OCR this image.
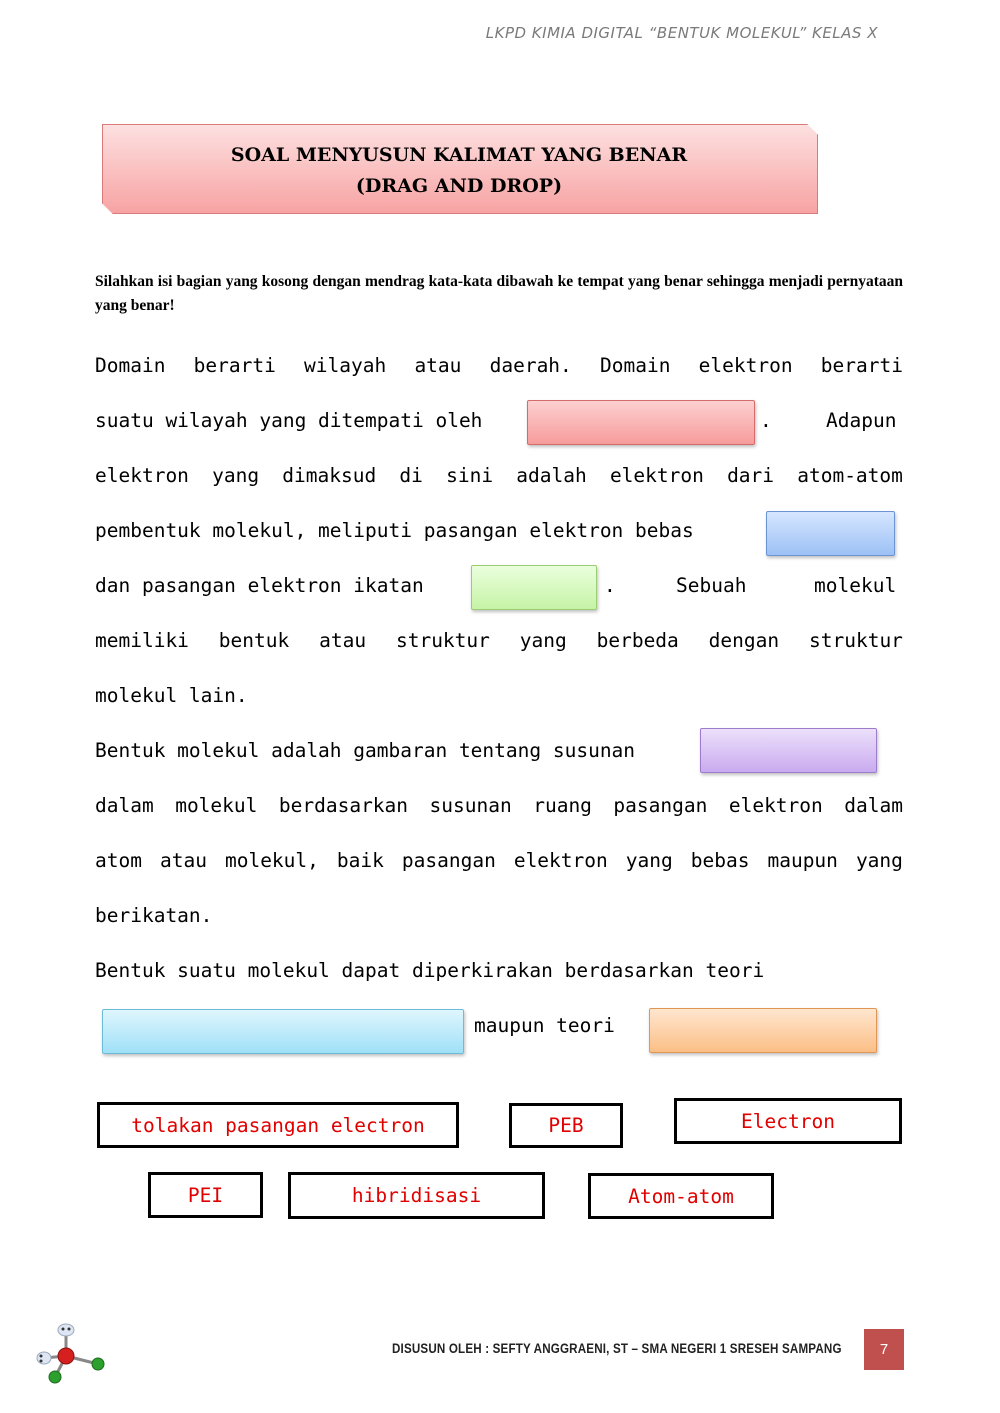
LKPD KIMIA DIGITAL “BENTUK MOLEKUL” KELAS X
SOAL MENYUSUN KALIMAT YANG BENAR
(DRAG AND DROP)
Silahkan isi bagian yang kosong dengan mendrag kata-kata dibawah ke tempat yang benar sehingga menjadi pernyataan yang benar!
Domain berarti wilayah atau daerah. Domain elektron berarti
suatu wilayah yang ditempati oleh	.	Adapun
elektron yang dimaksud di sini adalah elektron dari atom-atom
pembentuk molekul, meliputi pasangan elektron bebas
dan pasangan elektron ikatan	.	Sebuah	molekul
memiliki bentuk atau struktur yang berbeda dengan struktur
molekul lain.
Bentuk molekul adalah gambaran tentang susunan
dalam molekul berdasarkan susunan ruang pasangan elektron dalam
atom atau molekul, baik pasangan elektron yang bebas maupun yang
berikatan.
Bentuk suatu molekul dapat diperkirakan berdasarkan teori
maupun teori
tolakan pasangan electron	PEB	Electron
PEI	hibridisasi	Atom-atom
DISUSUN OLEH : SEFTY ANGGRAENI, ST – SMA NEGERI 1 SRESEH SAMPANG	7
